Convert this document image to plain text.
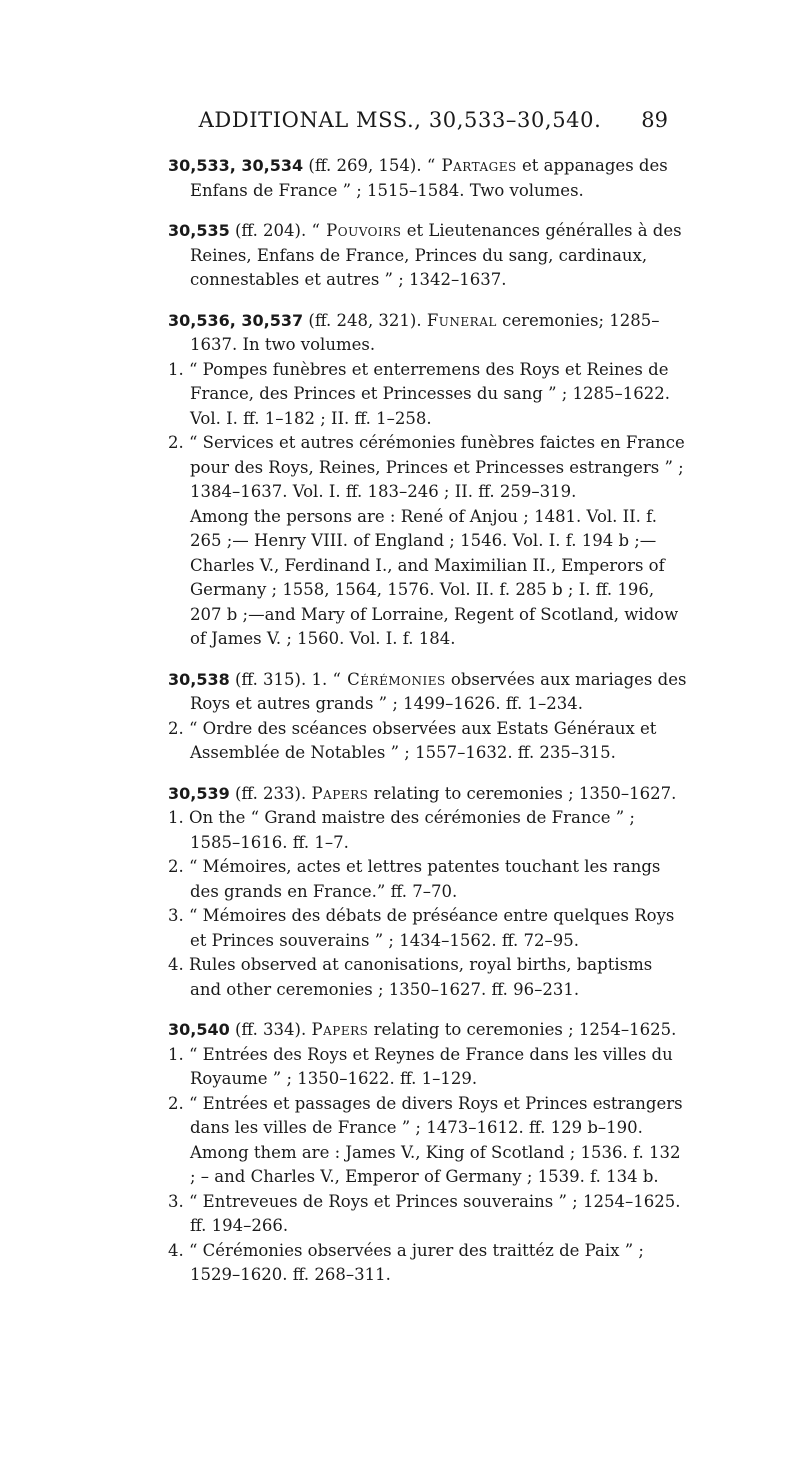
ADDITIONAL MSS., 30,533–30,540.	89

30,533, 30,534 (ff. 269, 154). “ Partages et appanages des Enfans de France ” ; 1515–1584. Two volumes.

30,535 (ff. 204). “ Pouvoirs et Lieutenances généralles à des Reines, Enfans de France, Princes du sang, cardinaux, connestables et autres ” ; 1342–1637.

30,536, 30,537 (ff. 248, 321). Funeral ceremonies; 1285–1637. In two volumes.

1. “ Pompes funèbres et enterremens des Roys et Reines de France, des Princes et Princesses du sang ” ; 1285–1622. Vol. I. ff. 1–182 ; II. ff. 1–258.

2. “ Services et autres cérémonies funèbres faictes en France pour des Roys, Reines, Princes et Princesses estrangers ” ; 1384–1637. Vol. I. ff. 183–246 ; II. ff. 259–319.

Among the persons are : René of Anjou ; 1481. Vol. II. f. 265 ;— Henry VIII. of England ; 1546. Vol. I. f. 194 b ;—Charles V., Ferdinand I., and Maximilian II., Emperors of Germany ; 1558, 1564, 1576. Vol. II. f. 285 b ; I. ff. 196, 207 b ;—and Mary of Lorraine, Regent of Scotland, widow of James V. ; 1560. Vol. I. f. 184.

30,538 (ff. 315). 1. “ Cérémonies observées aux mariages des Roys et autres grands ” ; 1499–1626. ff. 1–234.

2. “ Ordre des scéances observées aux Estats Généraux et Assemblée de Notables ” ; 1557–1632. ff. 235–315.

30,539 (ff. 233). Papers relating to ceremonies ; 1350–1627.

1. On the “ Grand maistre des cérémonies de France ” ; 1585–1616. ff. 1–7.

2. “ Mémoires, actes et lettres patentes touchant les rangs des grands en France.” ff. 7–70.

3. “ Mémoires des débats de préséance entre quelques Roys et Princes souverains ” ; 1434–1562. ff. 72–95.

4. Rules observed at canonisations, royal births, baptisms and other ceremonies ; 1350–1627. ff. 96–231.

30,540 (ff. 334). Papers relating to ceremonies ; 1254–1625.

1. “ Entrées des Roys et Reynes de France dans les villes du Royaume ” ; 1350–1622. ff. 1–129.

2. “ Entrées et passages de divers Roys et Princes estrangers dans les villes de France ” ; 1473–1612. ff. 129 b–190. Among them are : James V., King of Scotland ; 1536. f. 132 ; – and Charles V., Emperor of Germany ; 1539. f. 134 b.

3. “ Entreveues de Roys et Princes souverains ” ; 1254–1625. ff. 194–266.

4. “ Cérémonies observées a jurer des traittéz de Paix ” ; 1529–1620. ff. 268–311.
